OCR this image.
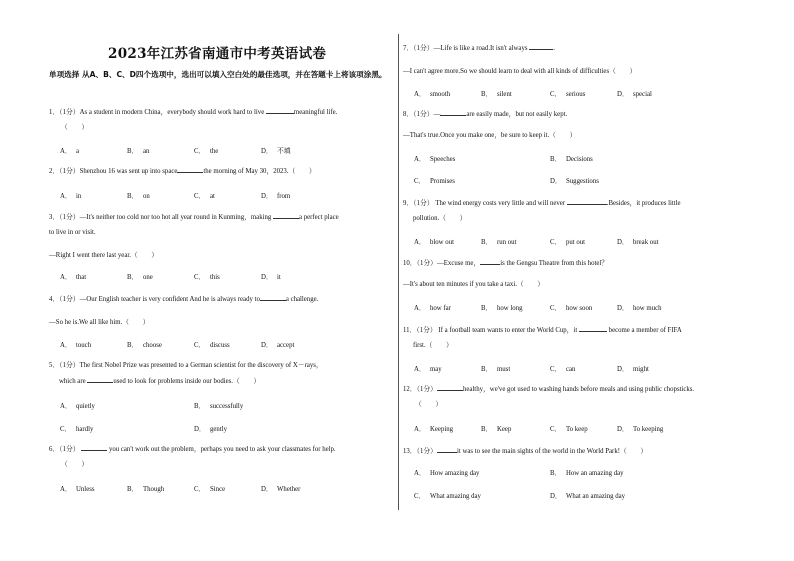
2023年江苏省南通市中考英语试卷
单项选择 从A、B、C、D四个选项中，选出可以填入空白处的最佳选项，并在答题卡上将该项涂黑。
1．（1分）As a student in modern China，everybody should work hard to live	meaningful life.
（　　）
A． a	B． an	C． the	D． 不填
2．（1分）Shenzhou 16 was sent up into space	the morning of May 30，2023.（　　）
A． in	B． on	C． at	D． from
3．（1分）—It's neither too cold nor too hot all year round in Kunming，making	a perfect place
to live in or visit.
—Right I went there last year.（　　）
A． that	B． one	C． this	D． it
4．（1分）—Our English teacher is very confident And he is always ready to	a challenge.
—So he is.We all like him.（　　）
A． touch	B． choose	C． discuss	D． accept
5．（1分）The first Nobel Prize was presented to a German scientist for the discovery of X－rays，
which are	used to look for problems inside our bodies.（　　）
A． quietly	B． successfully
C． hardly	D． gently
6．（1分）	you can't work out the problem，perhaps you need to ask your classmates for help.
（　　）
A． Unless	B． Though	C． Since	D． Whether
7．（1分）—Life is like a road.It isn't always	.
—I can't agree more.So we should learn to deal with all kinds of difficulties（　　）
A． smooth	B． silent	C． serious	D． special
8．（1分）—	are easily made，but not easily kept.
—That's true.Once you make one，be sure to keep it.（　　）
A． Speeches	B． Decisions
C． Promises	D． Suggestions
9．（1分） The wind energy costs very little and will never	.Besides，it produces little
pollution.（　　）
A． blow out	B． run out	C． put out	D． break out
10．（1分）—Excuse me，	is the Gengsu Theatre from this hotel？
—It's about ten minutes if you take a taxi.（　　）
A． how far	B． how long	C． how soon	D． how much
11．（1分） If a football team wants to enter the World Cup，it	become a member of FIFA
first.（　　）
A． may	B． must	C． can	D． might
12．（1分）	healthy，we've got used to washing hands before meals and using public chopsticks.
（　　）
A． Keeping	B． Keep	C． To keep	D． To keeping
13．（1分）	it was to see the main sights of the world in the World Park!（　　）
A． How amazing day	B． How an amazing day
C． What amazing day	D． What an amazing day
